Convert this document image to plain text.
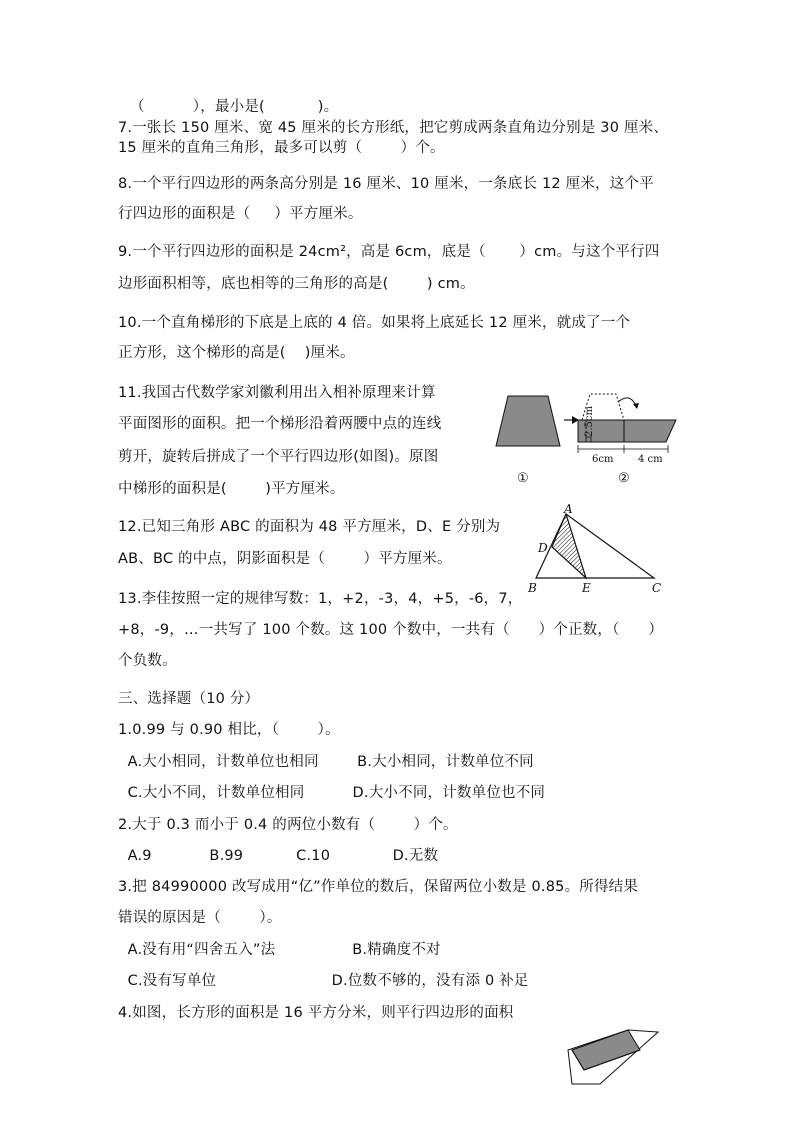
（          ），最小是(           )。
7.一张长 150 厘米、宽 45 厘米的长方形纸，把它剪成两条直角边分别是 30 厘米、
15 厘米的直角三角形，最多可以剪（        ）个。
8.一个平行四边形的两条高分别是 16 厘米、10 厘米，一条底长 12 厘米，这个平
行四边形的面积是（     ）平方厘米。
9.一个平行四边形的面积是 24cm²，高是 6cm，底是（       ）cm。与这个平行四
边形面积相等，底也相等的三角形的高是(        ) cm。
10.一个直角梯形的下底是上底的 4 倍。如果将上底延长 12 厘米，就成了一个
正方形，这个梯形的高是(    )厘米。
11.我国古代数学家刘徽利用出入相补原理来计算
平面图形的面积。把一个梯形沿着两腰中点的连线
剪开，旋转后拼成了一个平行四边形(如图)。原图
中梯形的面积是(        )平方厘米。
12.已知三角形 ABC 的面积为 48 平方厘米，D、E 分别为
AB、BC 的中点，阴影面积是（        ）平方厘米。
13.李佳按照一定的规律写数：1，+2，-3，4，+5，-6，7，
+8，-9，…一共写了 100 个数。这 100 个数中，一共有（      ）个正数，（      ）
个负数。
三、选择题（10 分）
1.0.99 与 0.90 相比，（        ）。
A.大小相同，计数单位也相同        B.大小相同，计数单位不同
C.大小不同，计数单位相同          D.大小不同，计数单位也不同
2.大于 0.3 而小于 0.4 的两位小数有（        ）个。
A.9            B.99           C.10             D.无数
3.把 84990000 改写成用“亿”作单位的数后，保留两位小数是 0.85。所得结果
错误的原因是（        ）。
A.没有用“四舍五入”法                B.精确度不对
C.没有写单位                        D.位数不够的，没有添 0 补足
4.如图，长方形的面积是 16 平方分米，则平行四边形的面积
2.5cm
6cm 4 cm
①	②
A
B	C
D
E
